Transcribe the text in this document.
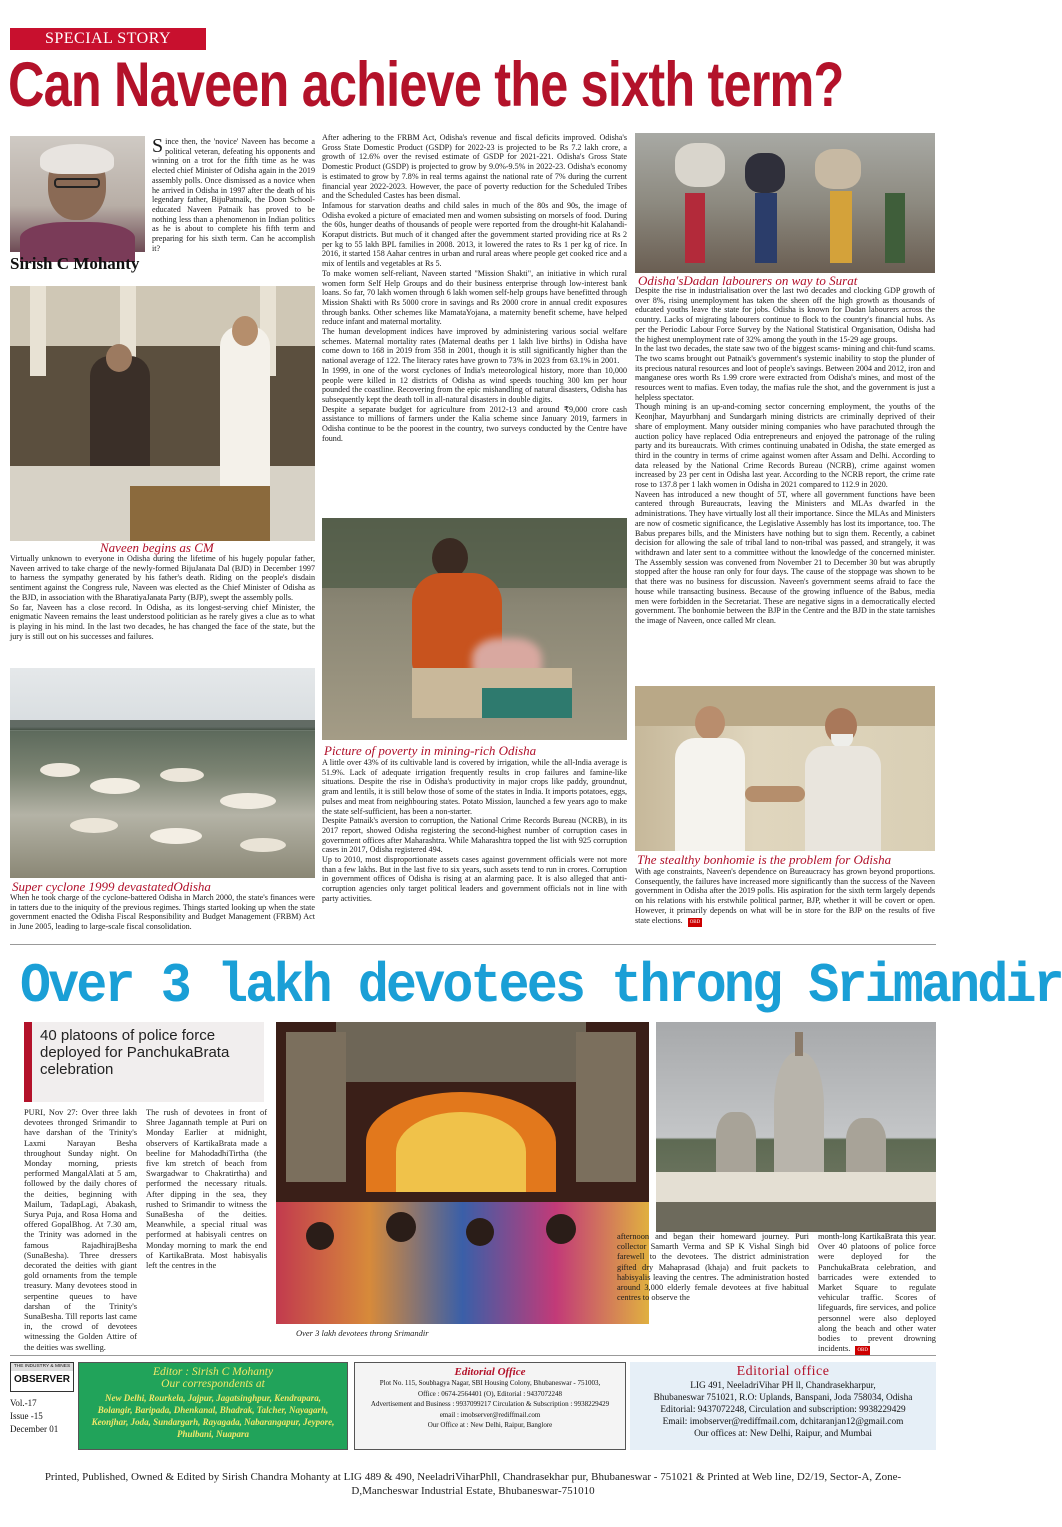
SPECIAL STORY
Can Naveen achieve the sixth term?
Sirish C Mohanty
Since then, the 'novice' Naveen has become a political veteran, defeating his opponents and winning on a trot for the fifth time as he was elected chief Minister of Odisha again in the 2019 assembly polls. Once dismissed as a novice when he arrived in Odisha in 1997 after the death of his legendary father, BijuPatnaik, the Doon School-educated Naveen Patnaik has proved to be nothing less than a phenomenon in Indian politics as he is about to complete his fifth term and preparing for his sixth term. Can he accomplish it?
Naveen begins as CM

Virtually unknown to everyone in Odisha during the lifetime of his hugely popular father, Naveen arrived to take charge of the newly-formed BijuJanata Dal (BJD) in December 1997 to harness the sympathy generated by his father's death. Riding on the people's disdain sentiment against the Congress rule, Naveen was elected as the Chief Minister of Odisha as the BJD, in association with the BharatiyaJanata Party (BJP), swept the assembly polls.

So far, Naveen has a close record. In Odisha, as its longest-serving chief Minister, the enigmatic Naveen remains the least understood politician as he rarely gives a clue as to what is playing in his mind. In the last two decades, he has changed the face of the state, but the jury is still out on his successes and failures.

Super cyclone 1999 devastatedOdisha
When he took charge of the cyclone-battered Odisha in March 2000, the state's finances were in tatters due to the iniquity of the previous regimes. Things started looking up when the state government enacted the Odisha Fiscal Responsibility and Budget Management (FRBM) Act in June 2005, leading to large-scale fiscal consolidation.

After adhering to the FRBM Act, Odisha's revenue and fiscal deficits improved. Odisha's Gross State Domestic Product (GSDP) for 2022-23 is projected to be Rs 7.2 lakh crore, a growth of 12.6% over the revised estimate of GSDP for 2021-221. Odisha's Gross State Domestic Product (GSDP) is projected to grow by 9.0%-9.5% in 2022-23. Odisha's economy is estimated to grow by 7.8% in real terms against the national rate of 7% during the current financial year 2022-2023. However, the pace of poverty reduction for the Scheduled Tribes and the Scheduled Castes has been dismal.

Infamous for starvation deaths and child sales in much of the 80s and 90s, the image of Odisha evoked a picture of emaciated men and women subsisting on morsels of food. During the 60s, hunger deaths of thousands of people were reported from the drought-hit Kalahandi- Koraput districts. But much of it changed after the government started providing rice at Rs 2 per kg to 55 lakh BPL families in 2008. 2013, it lowered the rates to Rs 1 per kg of rice. In 2016, it started 158 Aahar centres in urban and rural areas where people get cooked rice and a mix of lentils and vegetables at Rs 5.

To make women self-reliant, Naveen started "Mission Shakti", an initiative in which rural women form Self Help Groups and do their business enterprise through low-interest bank loans. So far, 70 lakh women through 6 lakh women self-help groups have benefitted through Mission Shakti with Rs 5000 crore in savings and Rs 2000 crore in annual credit exposures through banks. Other schemes like MamataYojana, a maternity benefit scheme, have helped reduce infant and maternal mortality.

The human development indices have improved by administering various social welfare schemes. Maternal mortality rates (Maternal deaths per 1 lakh live births) in Odisha have come down to 168 in 2019 from 358 in 2001, though it is still significantly higher than the national average of 122. The literacy rates have grown to 73% in 2023 from 63.1% in 2001.

In 1999, in one of the worst cyclones of India's meteorological history, more than 10,000 people were killed in 12 districts of Odisha as wind speeds touching 300 km per hour pounded the coastline. Recovering from the epic mishandling of natural disasters, Odisha has subsequently kept the death toll in all-natural disasters in double digits.

Despite a separate budget for agriculture from 2012-13 and around ₹9,000 crore cash assistance to millions of farmers under the Kalia scheme since January 2019, farmers in Odisha continue to be the poorest in the country, two surveys conducted by the Centre have found.

Picture of poverty in mining-rich Odisha

A little over 43% of its cultivable land is covered by irrigation, while the all-India average is 51.9%. Lack of adequate irrigation frequently results in crop failures and famine-like situations. Despite the rise in Odisha's productivity in major crops like paddy, groundnut, gram and lentils, it is still below those of some of the states in India. It imports potatoes, eggs, pulses and meat from neighbouring states. Potato Mission, launched a few years ago to make the state self-sufficient, has been a non-starter.

Despite Patnaik's aversion to corruption, the National Crime Records Bureau (NCRB), in its 2017 report, showed Odisha registering the second-highest number of corruption cases in government offices after Maharashtra. While Maharashtra topped the list with 925 corruption cases in 2017, Odisha registered 494.

Up to 2010, most disproportionate assets cases against government officials were not more than a few lakhs. But in the last five to six years, such assets tend to run in crores. Corruption in government offices of Odisha is rising at an alarming pace. It is also alleged that anti-corruption agencies only target political leaders and government officials not in line with party activities.

Odisha'sDadan labourers on way to Surat

Despite the rise in industrialisation over the last two decades and clocking GDP growth of over 8%, rising unemployment has taken the sheen off the high growth as thousands of educated youths leave the state for jobs. Odisha is known for Dadan labourers across the country. Lacks of migrating labourers continue to flock to the country's financial hubs. As per the Periodic Labour Force Survey by the National Statistical Organisation, Odisha had the highest unemployment rate of 32% among the youth in the 15-29 age groups.

In the last two decades, the state saw two of the biggest scams- mining and chit-fund scams. The two scams brought out Patnaik's government's systemic inability to stop the plunder of its precious natural resources and loot of people's savings. Between 2004 and 2012, iron and manganese ores worth Rs 1.99 crore were extracted from Odisha's mines, and most of the resources went to mafias. Even today, the mafias rule the shot, and the government is just a helpless spectator.

Though mining is an up-and-coming sector concerning employment, the youths of the Keonjhar, Mayurbhanj and Sundargarh mining districts are criminally deprived of their share of employment. Many outsider mining companies who have parachuted through the auction policy have replaced Odia entrepreneurs and enjoyed the patronage of the ruling party and its bureaucrats. With crimes continuing unabated in Odisha, the state emerged as third in the country in terms of crime against women after Assam and Delhi. According to data released by the National Crime Records Bureau (NCRB), crime against women increased by 23 per cent in Odisha last year. According to the NCRB report, the crime rate rose to 137.8 per 1 lakh women in Odisha in 2021 compared to 112.9 in 2020.

Naveen has introduced a new thought of 5T, where all government functions have been cantered through Bureaucrats, leaving the Ministers and MLAs dwarfed in the administrations. They have virtually lost all their importance. Since the MLAs and Ministers are now of cosmetic significance, the Legislative Assembly has lost its importance, too. The Babus prepares bills, and the Ministers have nothing but to sign them. Recently, a cabinet decision for allowing the sale of tribal land to non-tribal was passed, and strangely, it was withdrawn and later sent to a committee without the knowledge of the concerned minister. The Assembly session was convened from November 21 to December 30 but was abruptly stopped after the house ran only for four days. The cause of the stoppage was shown to be that there was no business for discussion. Naveen's government seems afraid to face the house while transacting business. Because of the growing influence of the Babus, media men were forbidden in the Secretariat. These are negative signs in a democratically elected government. The bonhomie between the BJP in the Centre and the BJD in the state tarnishes the image of Naveen, once called Mr clean.

The stealthy bonhomie is the problem for Odisha
With age constraints, Naveen's dependence on Bureaucracy has grown beyond proportions. Consequently, the failures have increased more significantly than the success of the Naveen government in Odisha after the 2019 polls. His aspiration for the sixth term largely depends on his relations with his erstwhile political partner, BJP, whether it will be covert or open. However, it primarily depends on what will be in store for the BJP on the results of five state elections. OBD
Over 3 lakh devotees throng Srimandir
40 platoons of police force deployed for PanchukaBrata celebration
PURI, Nov 27: Over three lakh devotees thronged Srimandir to have darshan of the Trinity's Laxmi Narayan Besha throughout Sunday night. On Monday morning, priests performed MangalAlati at 5 am, followed by the daily chores of the deities, beginning with Mailum, TadapLagi, Abakash, Surya Puja, and Rosa Homa and offered GopalBhog. At 7.30 am, the Trinity was adorned in the famous RajadhirajBesha (SunaBesha). Three dressers decorated the deities with giant gold ornaments from the temple treasury. Many devotees stood in serpentine queues to have darshan of the Trinity's SunaBesha. Till reports last came in, the crowd of devotees witnessing the Golden Attire of the deities was swelling.
The rush of devotees in front of Shree Jagannath temple at Puri on Monday Earlier at midnight, observers of KartikaBrata made a beeline for MahodadhiTirtha (the five km stretch of beach from Swargadwar to Chakratirtha) and performed the necessary rituals. After dipping in the sea, they rushed to Srimandir to witness the SunaBesha of the deities. Meanwhile, a special ritual was performed at habisyali centres on Monday morning to mark the end of KartikaBrata. Most habisyalis left the centres in the
Over 3 lakh devotees throng Srimandir
afternoon and began their homeward journey. Puri collector Samarth Verma and SP K Vishal Singh bid farewell to the devotees. The district administration gifted dry Mahaprasad (khaja) and fruit packets to habisyalis leaving the centres. The administration hosted around 3,000 elderly female devotees at five habitual centres to observe the
month-long KartikaBrata this year. Over 40 platoons of police force were deployed for the PanchukaBrata celebration, and barricades were extended to Market Square to regulate vehicular traffic. Scores of lifeguards, fire services, and police personnel were also deployed along the beach and other water bodies to prevent drowning incidents. OBD
THE INDUSTRY & MINES
OBSERVER
Vol.-17
Issue -15
December 01

Editor : Sirish C Mohanty

Our correspondents at

New Delhi, Rourkela, Jajpur, Jagatsinghpur, Kendrapara, Bolangir, Baripada, Dhenkanal, Bhadrak, Talcher, Nayagarh, Keonjhar, Joda, Sundargarh, Rayagada, Nabarangapur, Jeypore, Phulbani, Nuapara

Editorial Office

Plot No. 115, Soubhagya Nagar, SBI Housing Colony, Bhubaneswar - 751003,

Office : 0674-2564401 (O), Editorial : 9437072248

Advertisement and Business : 9937099217 Circulation & Subscription : 9938229429

email : imobserver@rediffmail.com

Our Office at : New Delhi, Raipur, Banglore

Editorial office

LIG 491, NeeladriVihar PH ll, Chandrasekharpur,

Bhubaneswar 751021, R.O: Uplands, Banspani, Joda 758034, Odisha

Editorial: 9437072248, Circulation and subscription: 9938229429

Email: imobserver@rediffmail.com, dchitaranjan12@gmail.com

Our offices at: New Delhi, Raipur, and Mumbai

Printed, Published, Owned & Edited by Sirish Chandra Mohanty at LIG 489 & 490, NeeladriViharPhll, Chandrasekhar pur, Bhubaneswar - 751021 & Printed at Web line, D2/19, Sector-A, Zone-D,Mancheswar Industrial Estate, Bhubaneswar-751010
